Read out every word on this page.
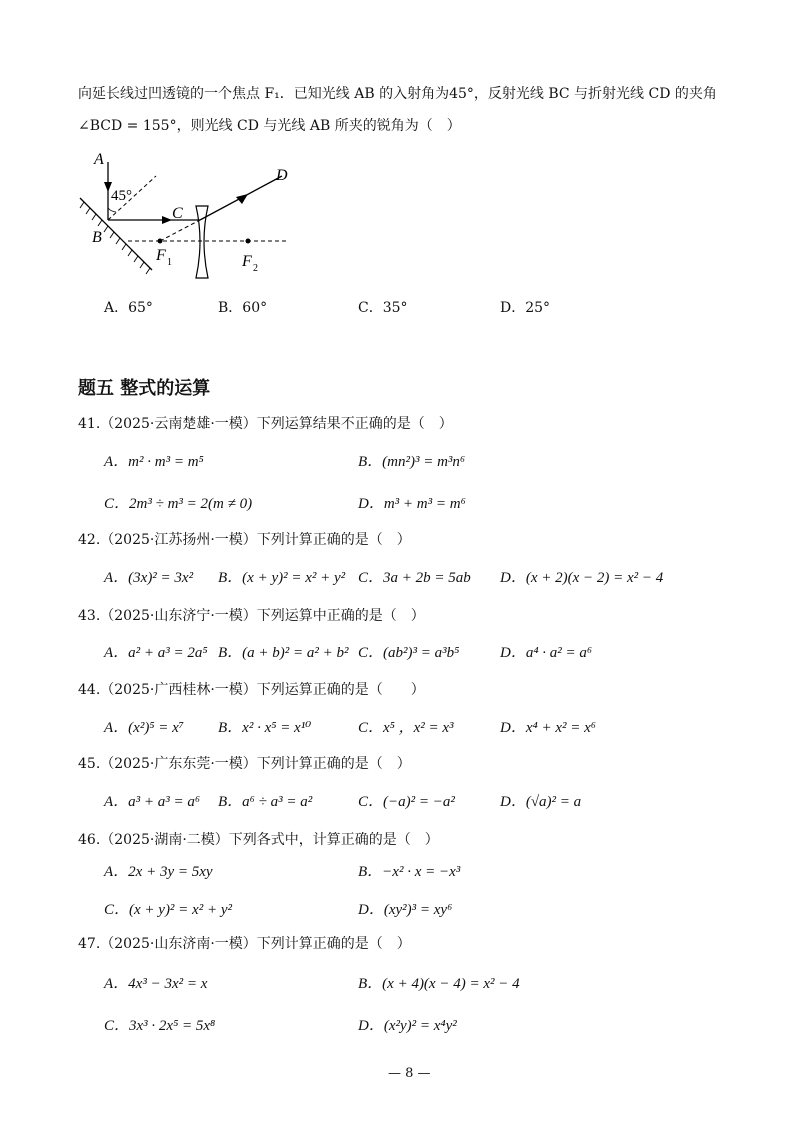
向延长线过凹透镜的一个焦点 F₁．已知光线 AB 的入射角为45°，反射光线 BC 与折射光线 CD 的夹角
∠BCD = 155°，则光线 CD 与光线 AB 所夹的锐角为（　）
A
45°
B
C
D
F 1	F 2
A．65°	B．60°	C．35°	D．25°
题五 整式的运算
41.（2025·云南楚雄·一模）下列运算结果不正确的是（　）
A．m² · m³ = m⁵	B．(mn²)³ = m³n⁶
C．2m³ ÷ m³ = 2(m ≠ 0)	D．m³ + m³ = m⁶
42.（2025·江苏扬州·一模）下列计算正确的是（　）
A．(3x)² = 3x² B．(x + y)² = x² + y² C．3a + 2b = 5ab D．(x + 2)(x − 2) = x² − 4
43.（2025·山东济宁·一模）下列运算中正确的是（　）
A．a² + a³ = 2a⁵ B．(a + b)² = a² + b² C．(ab²)³ = a³b⁵	D．a⁴ · a² = a⁶
44.（2025·广西桂林·一模）下列运算正确的是（　　）
A．(x²)⁵ = x⁷ B．x² · x⁵ = x¹⁰	C．x⁵ ，x² = x³	D．x⁴ + x² = x⁶
45.（2025·广东东莞·一模）下列计算正确的是（　）
A．a³ + a³ = a⁶ B．a⁶ ÷ a³ = a²	C．(−a)² = −a²	D．(√a)² = a
46.（2025·湖南·二模）下列各式中，计算正确的是（　）
A．2x + 3y = 5xy	B．−x² · x = −x³
C．(x + y)² = x² + y²	D．(xy²)³ = xy⁶
47.（2025·山东济南·一模）下列计算正确的是（　）
A．4x³ − 3x² = x	B．(x + 4)(x − 4) = x² − 4
C．3x³ · 2x⁵ = 5x⁸	D．(x²y)² = x⁴y²
— 8 —
